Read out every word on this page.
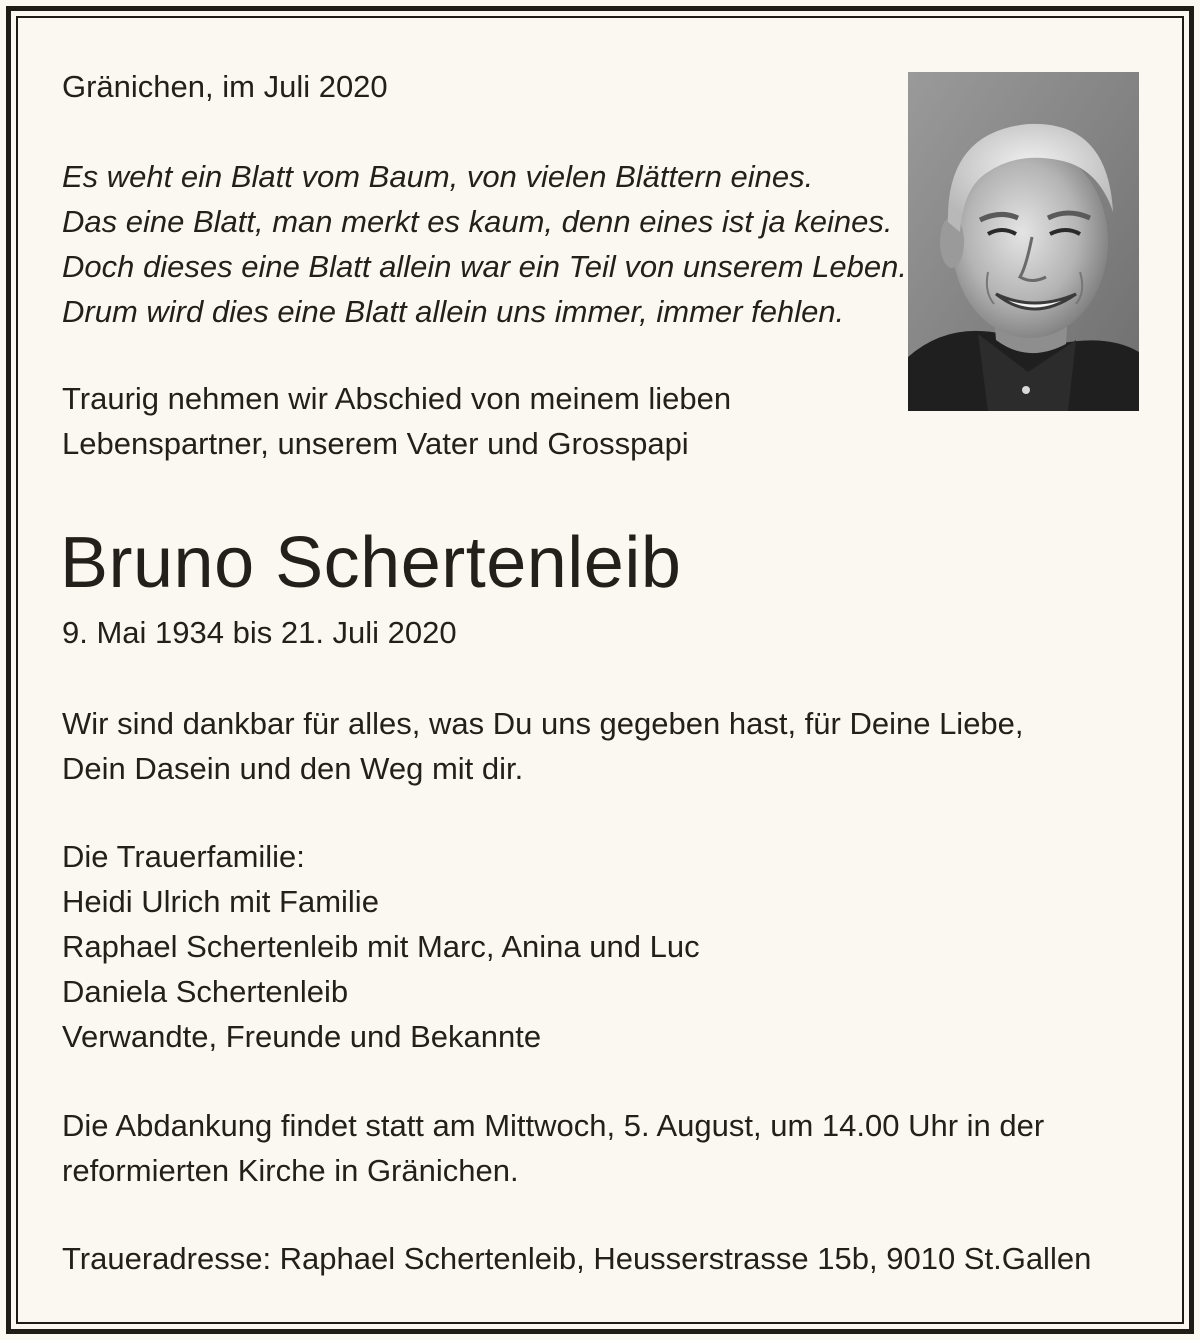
Gränichen, im Juli 2020

Es weht ein Blatt vom Baum, von vielen Blättern eines.
Das eine Blatt, man merkt es kaum, denn eines ist ja keines.
Doch dieses eine Blatt allein war ein Teil von unserem Leben.
Drum wird dies eine Blatt allein uns immer, immer fehlen.
Traurig nehmen wir Abschied von meinem lieben
Lebenspartner, unserem Vater und Grosspapi
Bruno Schertenleib

9. Mai 1934 bis 21. Juli 2020

Wir sind dankbar für alles, was Du uns gegeben hast, für Deine Liebe,
Dein Dasein und den Weg mit dir.
Die Trauerfamilie:
Heidi Ulrich mit Familie
Raphael Schertenleib mit Marc, Anina und Luc
Daniela Schertenleib
Verwandte, Freunde und Bekannte
Die Abdankung findet statt am Mittwoch, 5. August, um 14.00 Uhr in der
reformierten Kirche in Gränichen.

Traueradresse: Raphael Schertenleib, Heusserstrasse 15b, 9010 St.Gallen
